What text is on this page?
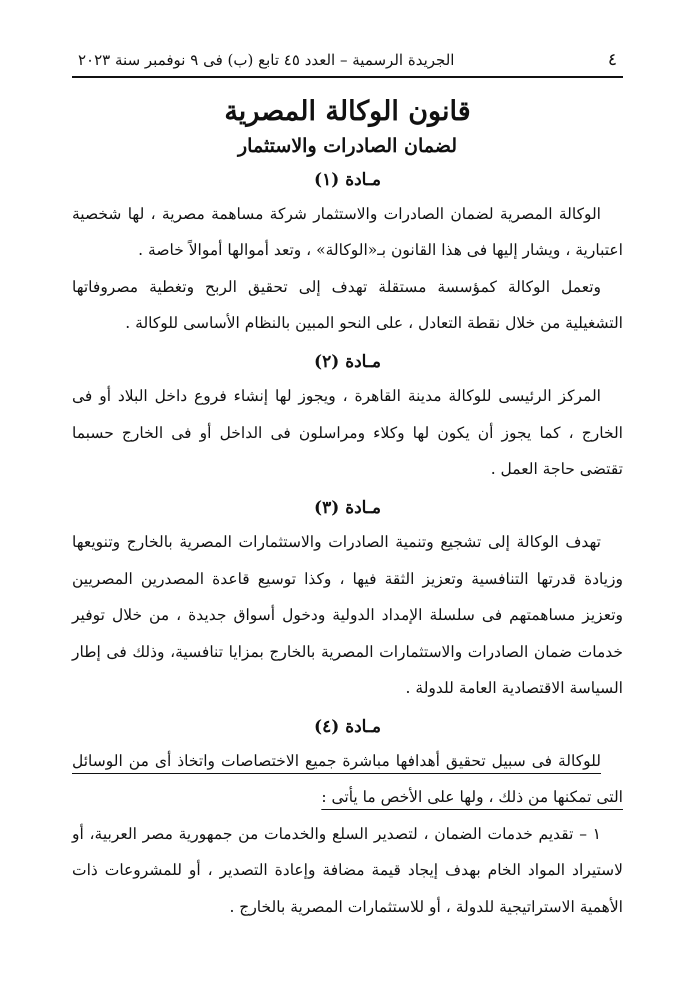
٤
الجريدة الرسمية – العدد ٤٥ تابع (ب) فى ٩ نوفمبر سنة ٢٠٢٣
قانون الوكالة المصرية
لضمان الصادرات والاستثمار
مـادة (١)

الوكالة المصرية لضمان الصادرات والاستثمار شركة مساهمة مصرية ، لها شخصية اعتبارية ، ويشار إليها فى هذا القانون بـ«الوكالة» ، وتعد أموالها أموالاً خاصة .

وتعمل الوكالة كمؤسسة مستقلة تهدف إلى تحقيق الربح وتغطية مصروفاتها التشغيلية من خلال نقطة التعادل ، على النحو المبين بالنظام الأساسى للوكالة .

مـادة (٢)

المركز الرئيسى للوكالة مدينة القاهرة ، ويجوز لها إنشاء فروع داخل البلاد أو فى الخارج ، كما يجوز أن يكون لها وكلاء ومراسلون فى الداخل أو فى الخارج حسبما تقتضى حاجة العمل .

مـادة (٣)

تهدف الوكالة إلى تشجيع وتنمية الصادرات والاستثمارات المصرية بالخارج وتنويعها وزيادة قدرتها التنافسية وتعزيز الثقة فيها ، وكذا توسيع قاعدة المصدرين المصريين وتعزيز مساهمتهم فى سلسلة الإمداد الدولية ودخول أسواق جديدة ، من خلال توفير خدمات ضمان الصادرات والاستثمارات المصرية بالخارج بمزايا تنافسية، وذلك فى إطار السياسة الاقتصادية العامة للدولة .

مـادة (٤)

للوكالة فى سبيل تحقيق أهدافها مباشرة جميع الاختصاصات واتخاذ أى من الوسائل التى تمكنها من ذلك ، ولها على الأخص ما يأتى :

١ – تقديم خدمات الضمان ، لتصدير السلع والخدمات من جمهورية مصر العربية، أو لاستيراد المواد الخام بهدف إيجاد قيمة مضافة وإعادة التصدير ، أو للمشروعات ذات الأهمية الاستراتيجية للدولة ، أو للاستثمارات المصرية بالخارج .
